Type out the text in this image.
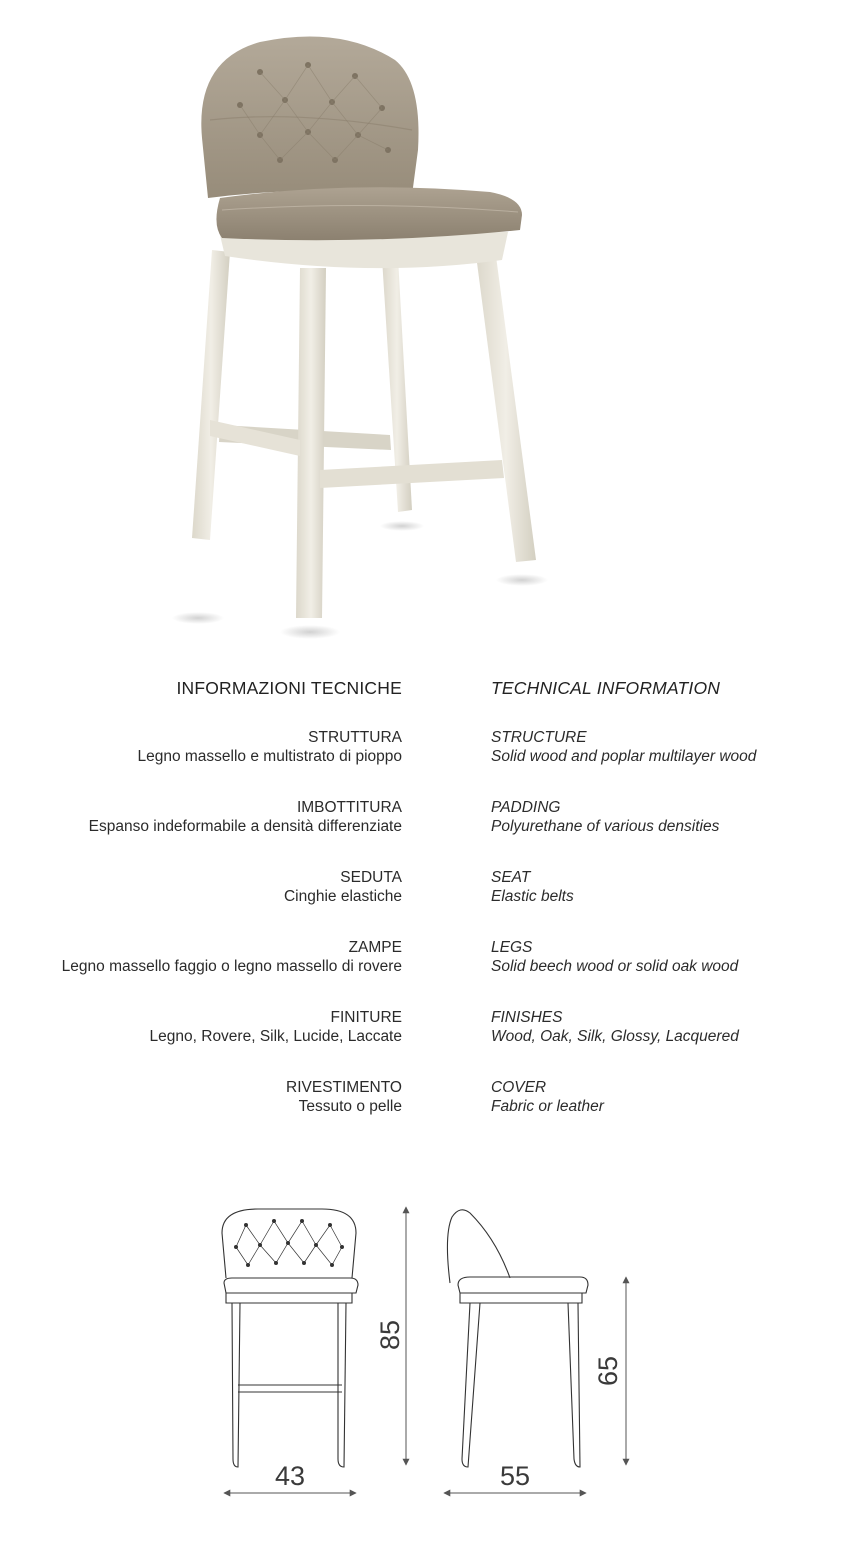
INFORMAZIONI TECNICHE	TECHNICAL INFORMATION
STRUTTURA
Legno massello e multistrato di pioppo
STRUCTURE
Solid wood and poplar multilayer wood
IMBOTTITURA
Espanso indeformabile a densità differenziate
PADDING
Polyurethane of various densities
SEDUTA
Cinghie elastiche
SEAT
Elastic belts
ZAMPE
Legno massello faggio o legno massello di rovere
LEGS
Solid beech wood or solid oak wood
FINITURE
Legno, Rovere, Silk, Lucide, Laccate
FINISHES
Wood, Oak, Silk, Glossy, Lacquered
RIVESTIMENTO
Tessuto o pelle
COVER
Fabric or leather
43	55
85
65
